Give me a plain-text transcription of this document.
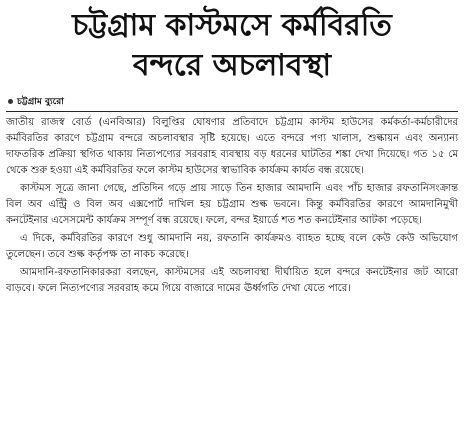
চট্টগ্রাম কাস্টমসে কর্মবিরতি
বন্দরে অচলাবস্থা
চট্টগ্রাম ব্যুরো

জাতীয় রাজস্ব বোর্ড (এনবিআর) বিলুপ্তির ঘোষণার প্রতিবাদে চট্টগ্রাম কাস্টম হাউসের কর্মকর্তা-কর্মচারীদের কর্মবিরতির কারণে চট্টগ্রাম বন্দরে অচলাবস্থার সৃষ্টি হয়েছে। এতে বন্দরে পণ্য খালাস, শুল্কায়ন এবং অন্যান্য দাফতরিক প্রক্রিয়া স্থগিত থাকায় নিত্যপণ্যের সরবরাহ ব্যবস্থায় বড় ধরনের ঘাটতির শঙ্কা দেখা দিয়েছে। গত ১৫ মে থেকে শুরু হওয়া এই কর্মবিরতির ফলে কাস্টম হাউসের স্বাভাবিক কার্যক্রম কার্যত বন্ধ রয়েছে।

কাস্টমস সূত্রে জানা গেছে, প্রতিদিন গড়ে প্রায় সাড়ে তিন হাজার আমদানি এবং পাঁচ হাজার রফতানিসংক্রান্ত বিল অব এন্ট্রি ও বিল অব এক্সপোর্ট দাখিল হয় চট্টগ্রাম শুল্ক ভবনে। কিন্তু কর্মবিরতির কারণে আমদানিমুখী কনটেইনার এসেসমেন্ট কার্যক্রম সম্পূর্ণ বন্ধ রয়েছে। ফলে, বন্দর ইয়ার্ডে শত শত কনটেইনার আটকা পড়েছে।

এ দিকে, কর্মবিরতির কারণে শুধু আমদানি নয়, রফতানি কার্যক্রমও ব্যাহত হচ্ছে বলে কেউ কেউ অভিযোগ তুলেছেন। তবে শুল্ক কর্তৃপক্ষ তা নাকচ করেছে।

আমদানি-রফতানিকারকরা বলছেন, কাস্টমসের এই অচলাবস্থা দীর্ঘায়িত হলে বন্দরে কনটেইনার জট আরো বাড়বে। ফলে নিত্যপণ্যের সরবরাহ কমে গিয়ে বাজারে দামের ঊর্ধ্বগতি দেখা যেতে পারে।
